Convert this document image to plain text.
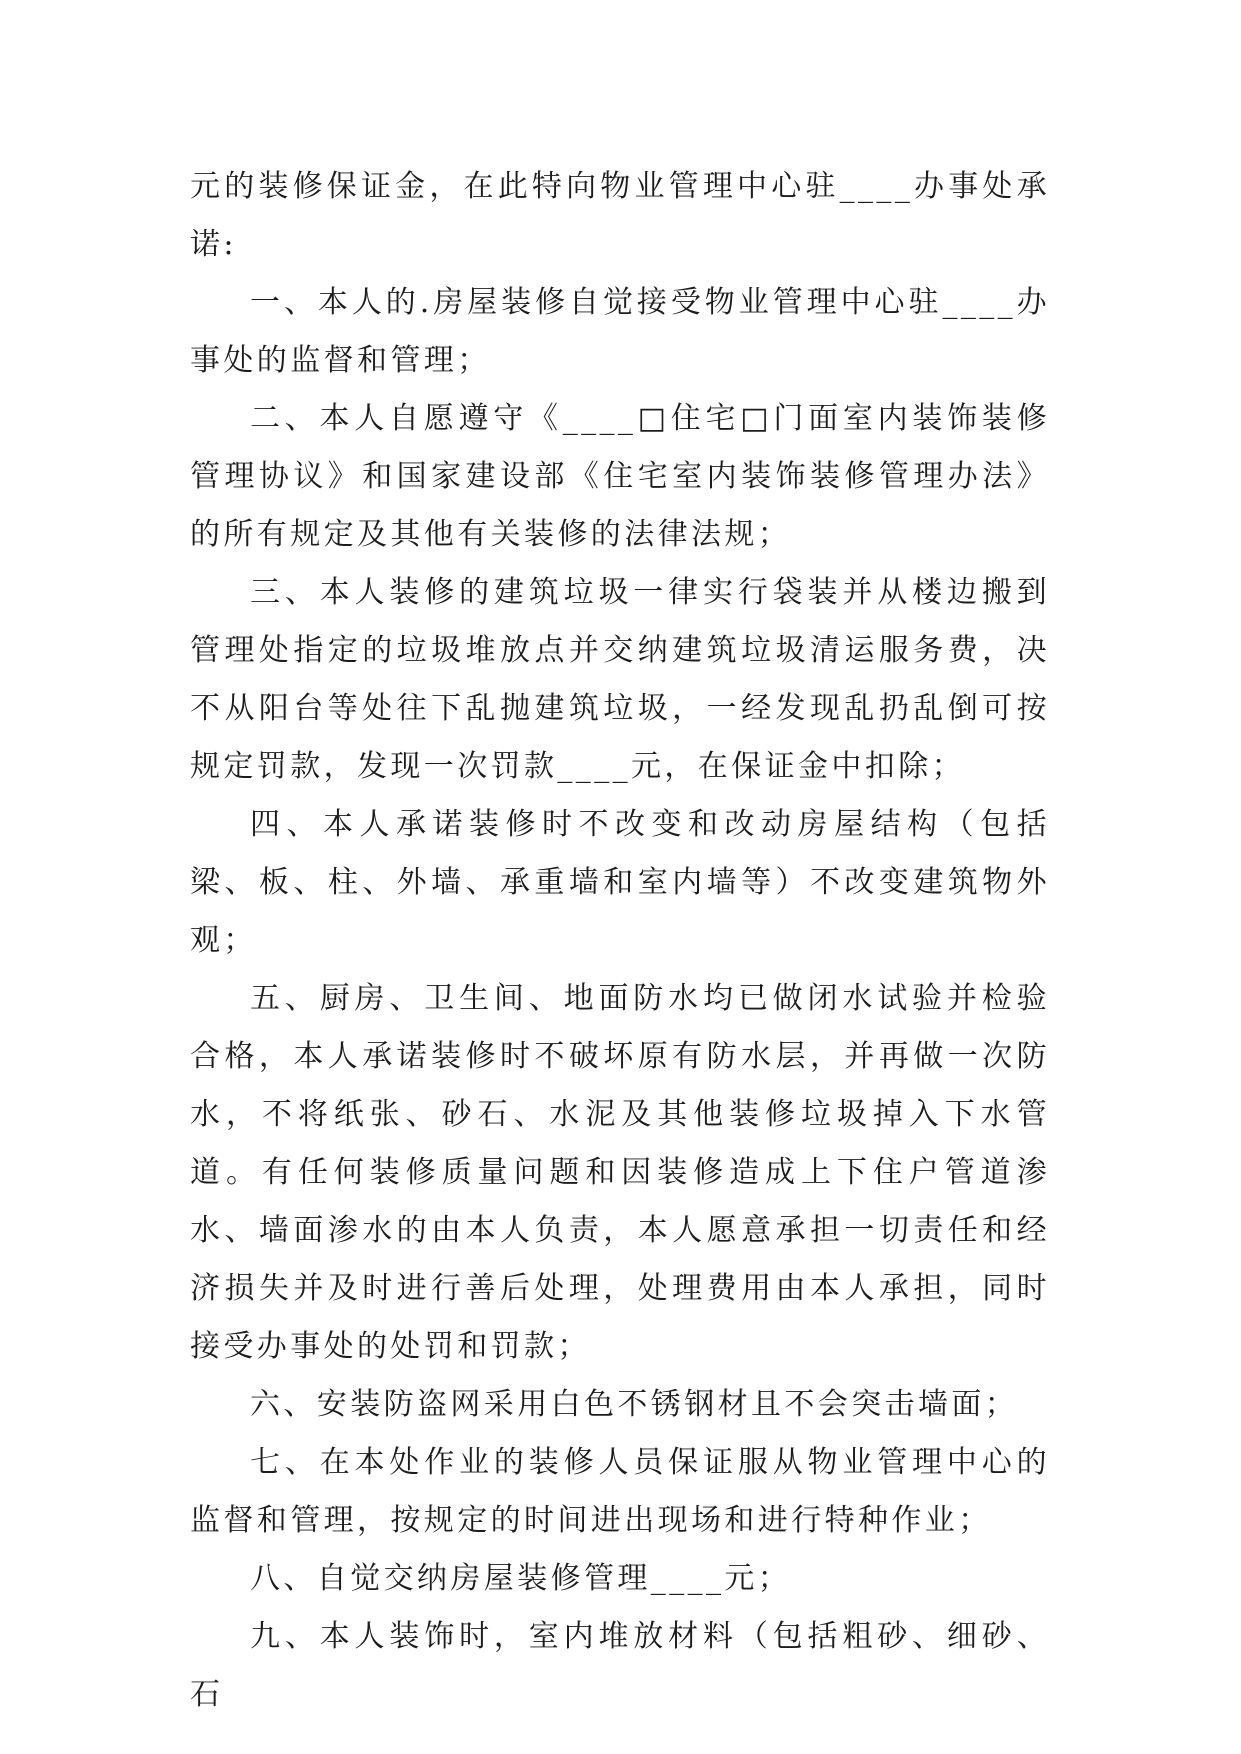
元的装修保证金，在此特向物业管理中心驻____办事处承诺:

一、本人的.房屋装修自觉接受物业管理中心驻____办事处的监督和管理；

二、本人自愿遵守《____□住宅□门面室内装饰装修管理协议》和国家建设部《住宅室内装饰装修管理办法》的所有规定及其他有关装修的法律法规；

三、本人装修的建筑垃圾一律实行袋装并从楼边搬到管理处指定的垃圾堆放点并交纳建筑垃圾清运服务费，决不从阳台等处往下乱抛建筑垃圾，一经发现乱扔乱倒可按规定罚款，发现一次罚款____元，在保证金中扣除；

四、本人承诺装修时不改变和改动房屋结构（包括梁、板、柱、外墙、承重墙和室内墙等）不改变建筑物外观；

五、厨房、卫生间、地面防水均已做闭水试验并检验合格，本人承诺装修时不破坏原有防水层，并再做一次防水，不将纸张、砂石、水泥及其他装修垃圾掉入下水管道。有任何装修质量问题和因装修造成上下住户管道渗水、墙面渗水的由本人负责，本人愿意承担一切责任和经济损失并及时进行善后处理，处理费用由本人承担，同时接受办事处的处罚和罚款；

六、安装防盗网采用白色不锈钢材且不会突击墙面；

七、在本处作业的装修人员保证服从物业管理中心的监督和管理，按规定的时间进出现场和进行特种作业；

八、自觉交纳房屋装修管理____元；

九、本人装饰时，室内堆放材料（包括粗砂、细砂、石
